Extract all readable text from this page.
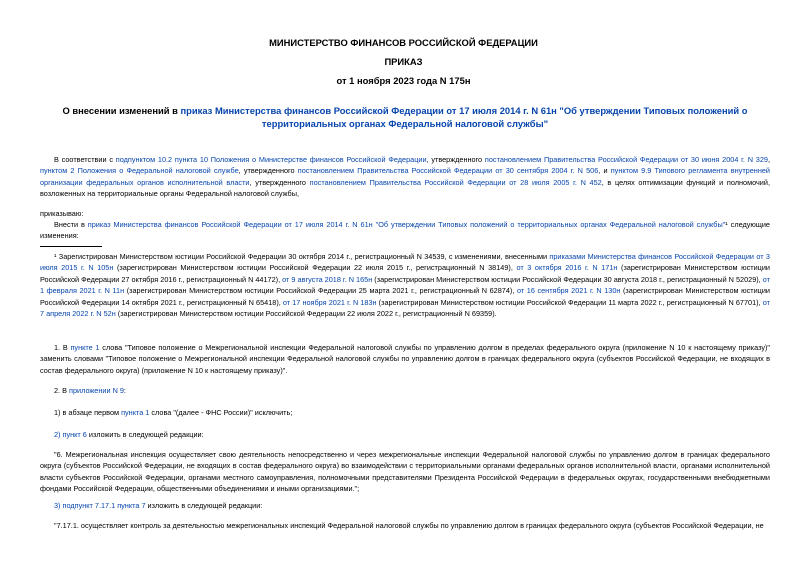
МИНИСТЕРСТВО ФИНАНСОВ РОССИЙСКОЙ ФЕДЕРАЦИИ
ПРИКАЗ
от 1 ноября 2023 года N 175н
О внесении изменений в приказ Министерства финансов Российской Федерации от 17 июля 2014 г. N 61н "Об утверждении Типовых положений о территориальных органах Федеральной налоговой службы"
В соответствии с подпунктом 10.2 пункта 10 Положения о Министерстве финансов Российской Федерации, утвержденного постановлением Правительства Российской Федерации от 30 июня 2004 г. N 329, пунктом 2 Положения о Федеральной налоговой службе, утвержденного постановлением Правительства Российской Федерации от 30 сентября 2004 г. N 506, и пунктом 9.9 Типового регламента внутренней организации федеральных органов исполнительной власти, утвержденного постановлением Правительства Российской Федерации от 28 июля 2005 г. N 452, в целях оптимизации функций и полномочий, возложенных на территориальные органы Федеральной налоговой службы,
приказываю:
Внести в приказ Министерства финансов Российской Федерации от 17 июля 2014 г. N 61н "Об утверждении Типовых положений о территориальных органах Федеральной налоговой службы"¹ следующие изменения:
¹ Зарегистрирован Министерством юстиции Российской Федерации 30 октября 2014 г., регистрационный N 34539, с изменениями, внесенными приказами Министерства финансов Российской Федерации от 3 июля 2015 г. N 105н (зарегистрирован Министерством юстиции Российской Федерации 22 июля 2015 г., регистрационный N 38149), от 3 октября 2016 г. N 171н (зарегистрирован Министерством юстиции Российской Федерации 27 октября 2016 г., регистрационный N 44172), от 9 августа 2018 г. N 165н (зарегистрирован Министерством юстиции Российской Федерации 30 августа 2018 г., регистрационный N 52029), от 1 февраля 2021 г. N 11н (зарегистрирован Министерством юстиции Российской Федерации 25 марта 2021 г., регистрационный N 62874), от 16 сентября 2021 г. N 130н (зарегистрирован Министерством юстиции Российской Федерации 14 октября 2021 г., регистрационный N 65418), от 17 ноября 2021 г. N 183н (зарегистрирован Министерством юстиции Российской Федерации 11 марта 2022 г., регистрационный N 67701), от 7 апреля 2022 г. N 52н (зарегистрирован Министерством юстиции Российской Федерации 22 июля 2022 г., регистрационный N 69359).
1. В пункте 1 слова "Типовое положение о Межрегиональной инспекции Федеральной налоговой службы по управлению долгом в пределах федерального округа (приложение N 10 к настоящему приказу)" заменить словами "Типовое положение о Межрегиональной инспекции Федеральной налоговой службы по управлению долгом в границах федерального округа (субъектов Российской Федерации, не входящих в состав федерального округа) (приложение N 10 к настоящему приказу)".
2. В приложении N 9:
1) в абзаце первом пункта 1 слова "(далее - ФНС России)" исключить;
2) пункт 6 изложить в следующей редакции:
"6. Межрегиональная инспекция осуществляет свою деятельность непосредственно и через межрегиональные инспекции Федеральной налоговой службы по управлению долгом в границах федерального округа (субъектов Российской Федерации, не входящих в состав федерального округа) во взаимодействии с территориальными органами федеральных органов исполнительной власти, органами исполнительной власти субъектов Российской Федерации, органами местного самоуправления, полномочными представителями Президента Российской Федерации в федеральных округах, государственными внебюджетными фондами Российской Федерации, общественными объединениями и иными организациями.";
3) подпункт 7.17.1 пункта 7 изложить в следующей редакции:
"7.17.1. осуществляет контроль за деятельностью межрегиональных инспекций Федеральной налоговой службы по управлению долгом в границах федерального округа (субъектов Российской Федерации, не
